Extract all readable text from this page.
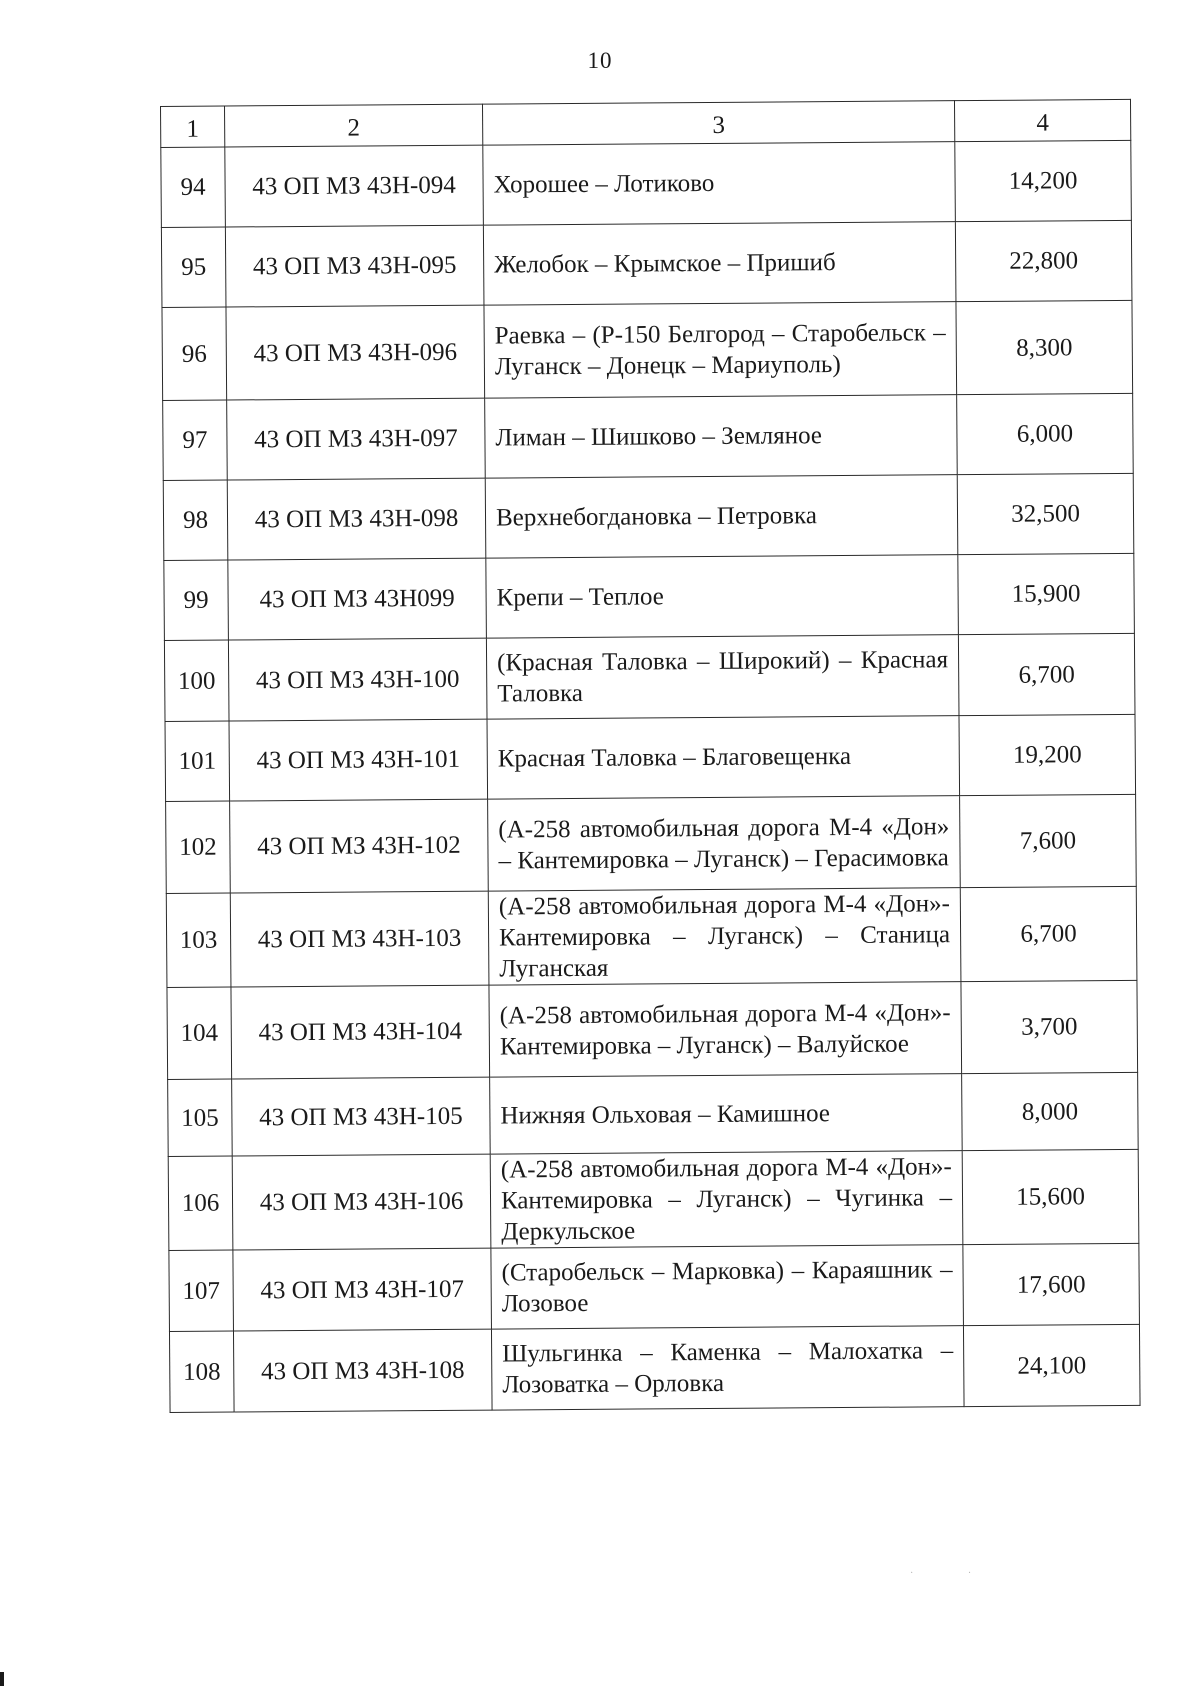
10
1	2	3	4
94	43 ОП МЗ 43Н-094	Хорошее – Лотиково	14,200
95	43 ОП МЗ 43Н-095	Желобок – Крымское – Пришиб	22,800
96	43 ОП МЗ 43Н-096	Раевка – (Р-150 Белгород – Старобельск – Луганск – Донецк – Мариуполь)	8,300
97	43 ОП МЗ 43Н-097	Лиман – Шишково – Земляное	6,000
98	43 ОП МЗ 43Н-098	Верхнебогдановка – Петровка	32,500
99	43 ОП МЗ 43Н099	Крепи – Теплое	15,900
100	43 ОП МЗ 43Н-100	(Красная Таловка – Широкий) – Красная Таловка	6,700
101	43 ОП МЗ 43Н-101	Красная Таловка – Благовещенка	19,200
102	43 ОП МЗ 43Н-102	(А-258 автомобильная дорога М-4 «Дон» – Кантемировка – Луганск) – Герасимовка	7,600
103	43 ОП МЗ 43Н-103	(А-258 автомобильная дорога М-4 «Дон»-Кантемировка – Луганск) – Станица Луганская	6,700
104	43 ОП МЗ 43Н-104	(А-258 автомобильная дорога М-4 «Дон»-Кантемировка – Луганск) – Валуйское	3,700
105	43 ОП МЗ 43Н-105	Нижняя Ольховая – Камишное	8,000
106	43 ОП МЗ 43Н-106	(А-258 автомобильная дорога М-4 «Дон»-Кантемировка – Луганск) – Чугинка – Деркульское	15,600
107	43 ОП МЗ 43Н-107	(Старобельск – Марковка) – Караяшник – Лозовое	17,600
108	43 ОП МЗ 43Н-108	Шульгинка – Каменка – Малохатка – Лозоватка – Орловка	24,100
· ·
